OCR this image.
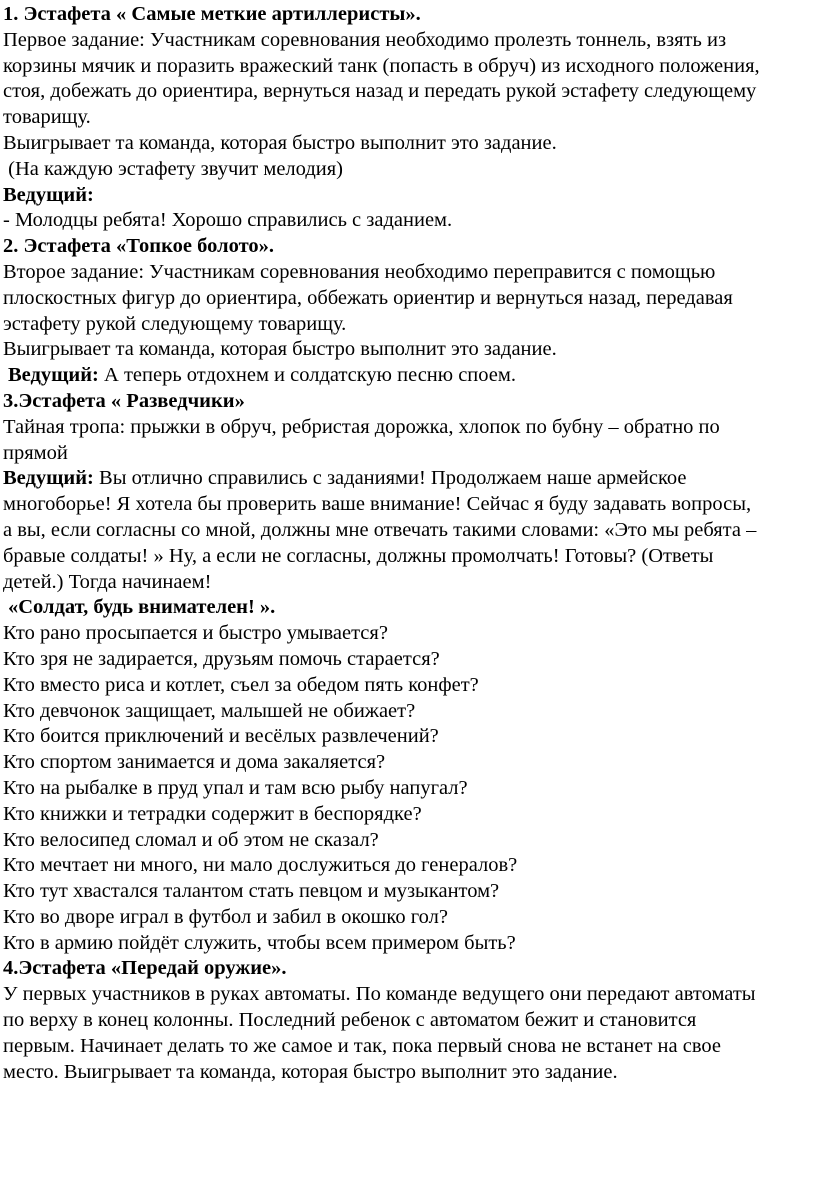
1. Эстафета « Самые меткие артиллеристы».
Первое задание: Участникам соревнования необходимо пролезть тоннель, взять из
корзины мячик и поразить вражеский танк (попасть в обруч) из исходного положения,
стоя, добежать до ориентира, вернуться назад и передать рукой эстафету следующему
товарищу.
Выигрывает та команда, которая быстро выполнит это задание.
(На каждую эстафету звучит мелодия)
Ведущий:
- Молодцы ребята! Хорошо справились с заданием.
2. Эстафета «Топкое болото».
Второе задание: Участникам соревнования необходимо переправится с помощью
плоскостных фигур до ориентира, оббежать ориентир и вернуться назад, передавая
эстафету рукой следующему товарищу.
Выигрывает та команда, которая быстро выполнит это задание.
Ведущий: А теперь отдохнем и солдатскую песню споем.
3.Эстафета « Разведчики»
Тайная тропа: прыжки в обруч, ребристая дорожка, хлопок по бубну – обратно по
прямой
Ведущий: Вы отлично справились с заданиями! Продолжаем наше армейское
многоборье! Я хотела бы проверить ваше внимание! Сейчас я буду задавать вопросы,
а вы, если согласны со мной, должны мне отвечать такими словами: «Это мы ребята –
бравые солдаты! » Ну, а если не согласны, должны промолчать! Готовы? (Ответы
детей.) Тогда начинаем!
«Солдат, будь внимателен! ».
Кто рано просыпается и быстро умывается?
Кто зря не задирается, друзьям помочь старается?
Кто вместо риса и котлет, съел за обедом пять конфет?
Кто девчонок защищает, малышей не обижает?
Кто боится приключений и весёлых развлечений?
Кто спортом занимается и дома закаляется?
Кто на рыбалке в пруд упал и там всю рыбу напугал?
Кто книжки и тетрадки содержит в беспорядке?
Кто велосипед сломал и об этом не сказал?
Кто мечтает ни много, ни мало дослужиться до генералов?
Кто тут хвастался талантом стать певцом и музыкантом?
Кто во дворе играл в футбол и забил в окошко гол?
Кто в армию пойдёт служить, чтобы всем примером быть?
4.Эстафета «Передай оружие».
У первых участников в руках автоматы. По команде ведущего они передают автоматы
по верху в конец колонны. Последний ребенок с автоматом бежит и становится
первым. Начинает делать то же самое и так, пока первый снова не встанет на свое
место. Выигрывает та команда, которая быстро выполнит это задание.
